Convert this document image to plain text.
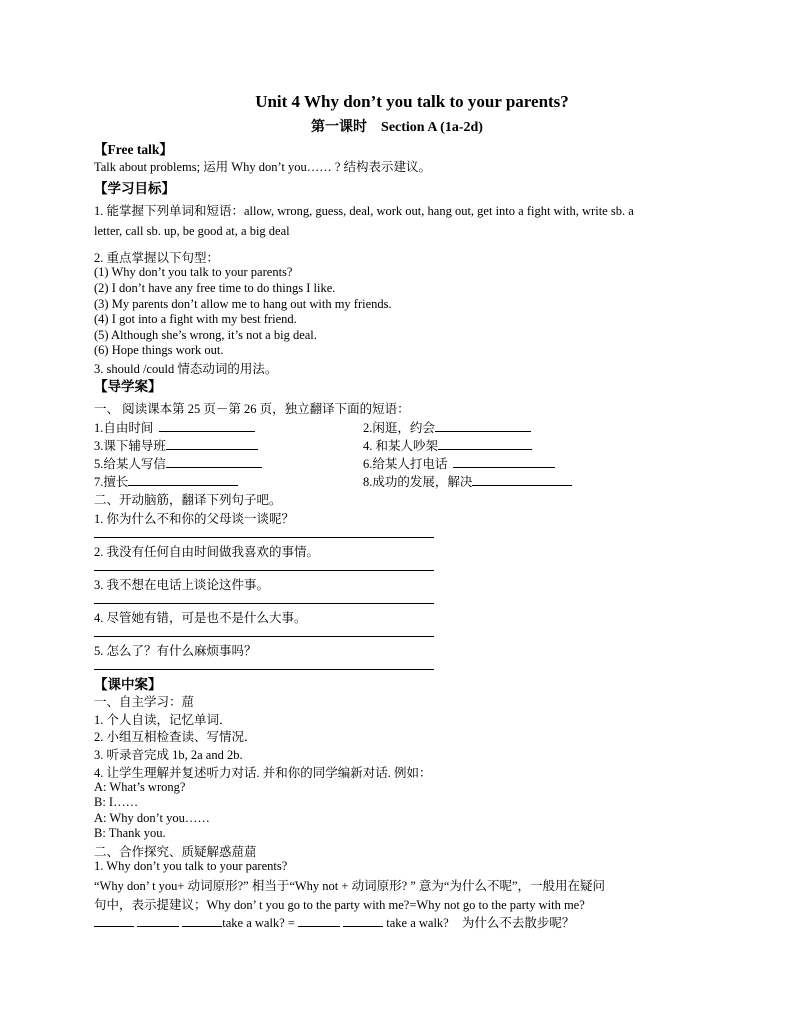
Unit 4 Why don’t you talk to your parents?
第一课时　Section A (1a-2d)
【Free talk】
Talk about problems; 运用 Why don’t you…… ? 结构表示建议。
【学习目标】
1. 能掌握下列单词和短语：allow, wrong, guess, deal, work out, hang out, get into a fight with, write sb. a
letter, call sb. up, be good at, a big deal
2. 重点掌握以下句型：
(1) Why don’t you talk to your parents?
(2) I don’t have any free time to do things I like.
(3) My parents don’t allow me to hang out with my friends.
(4) I got into a fight with my best friend.
(5) Although she’s wrong, it’s not a big deal.
(6) Hope things work out.
3. should /could 情态动词的用法。
【导学案】
一、 阅读课本第 25 页－第 26 页，独立翻译下面的短语：
1.自由时间	2.闲逛，约会
3.课下辅导班	4. 和某人吵架
5.给某人写信	6.给某人打电话
7.擅长	8.成功的发展，解决
二、开动脑筋，翻译下列句子吧。
1. 你为什么不和你的父母谈一谈呢？
2. 我没有任何自由时间做我喜欢的事情。
3. 我不想在电话上谈论这件事。
4. 尽管她有错，可是也不是什么大事。
5. 怎么了？有什么麻烦事吗？
【课中案】
一、自主学习：䓛
1. 个人自读，记忆单词．
2. 小组互相检查读、写情况．
3. 听录音完成 1b, 2a and 2b.
4. 让学生理解并复述听力对话. 并和你的同学编新对话. 例如：
A: What’s wrong?
B: I……
A: Why don’t you……
B: Thank you.
二、合作探究、质疑解惑䓛䓛
1. Why don’t you talk to your parents?
“Why don’ t you+ 动词原形?” 相当于“Why not + 动词原形? ” 意为“为什么不呢”，一般用在疑问
句中，表示提建议；Why don’ t you go to the party with me?=Why not go to the party with me?
take a walk? =	take a walk? 为什么不去散步呢？
